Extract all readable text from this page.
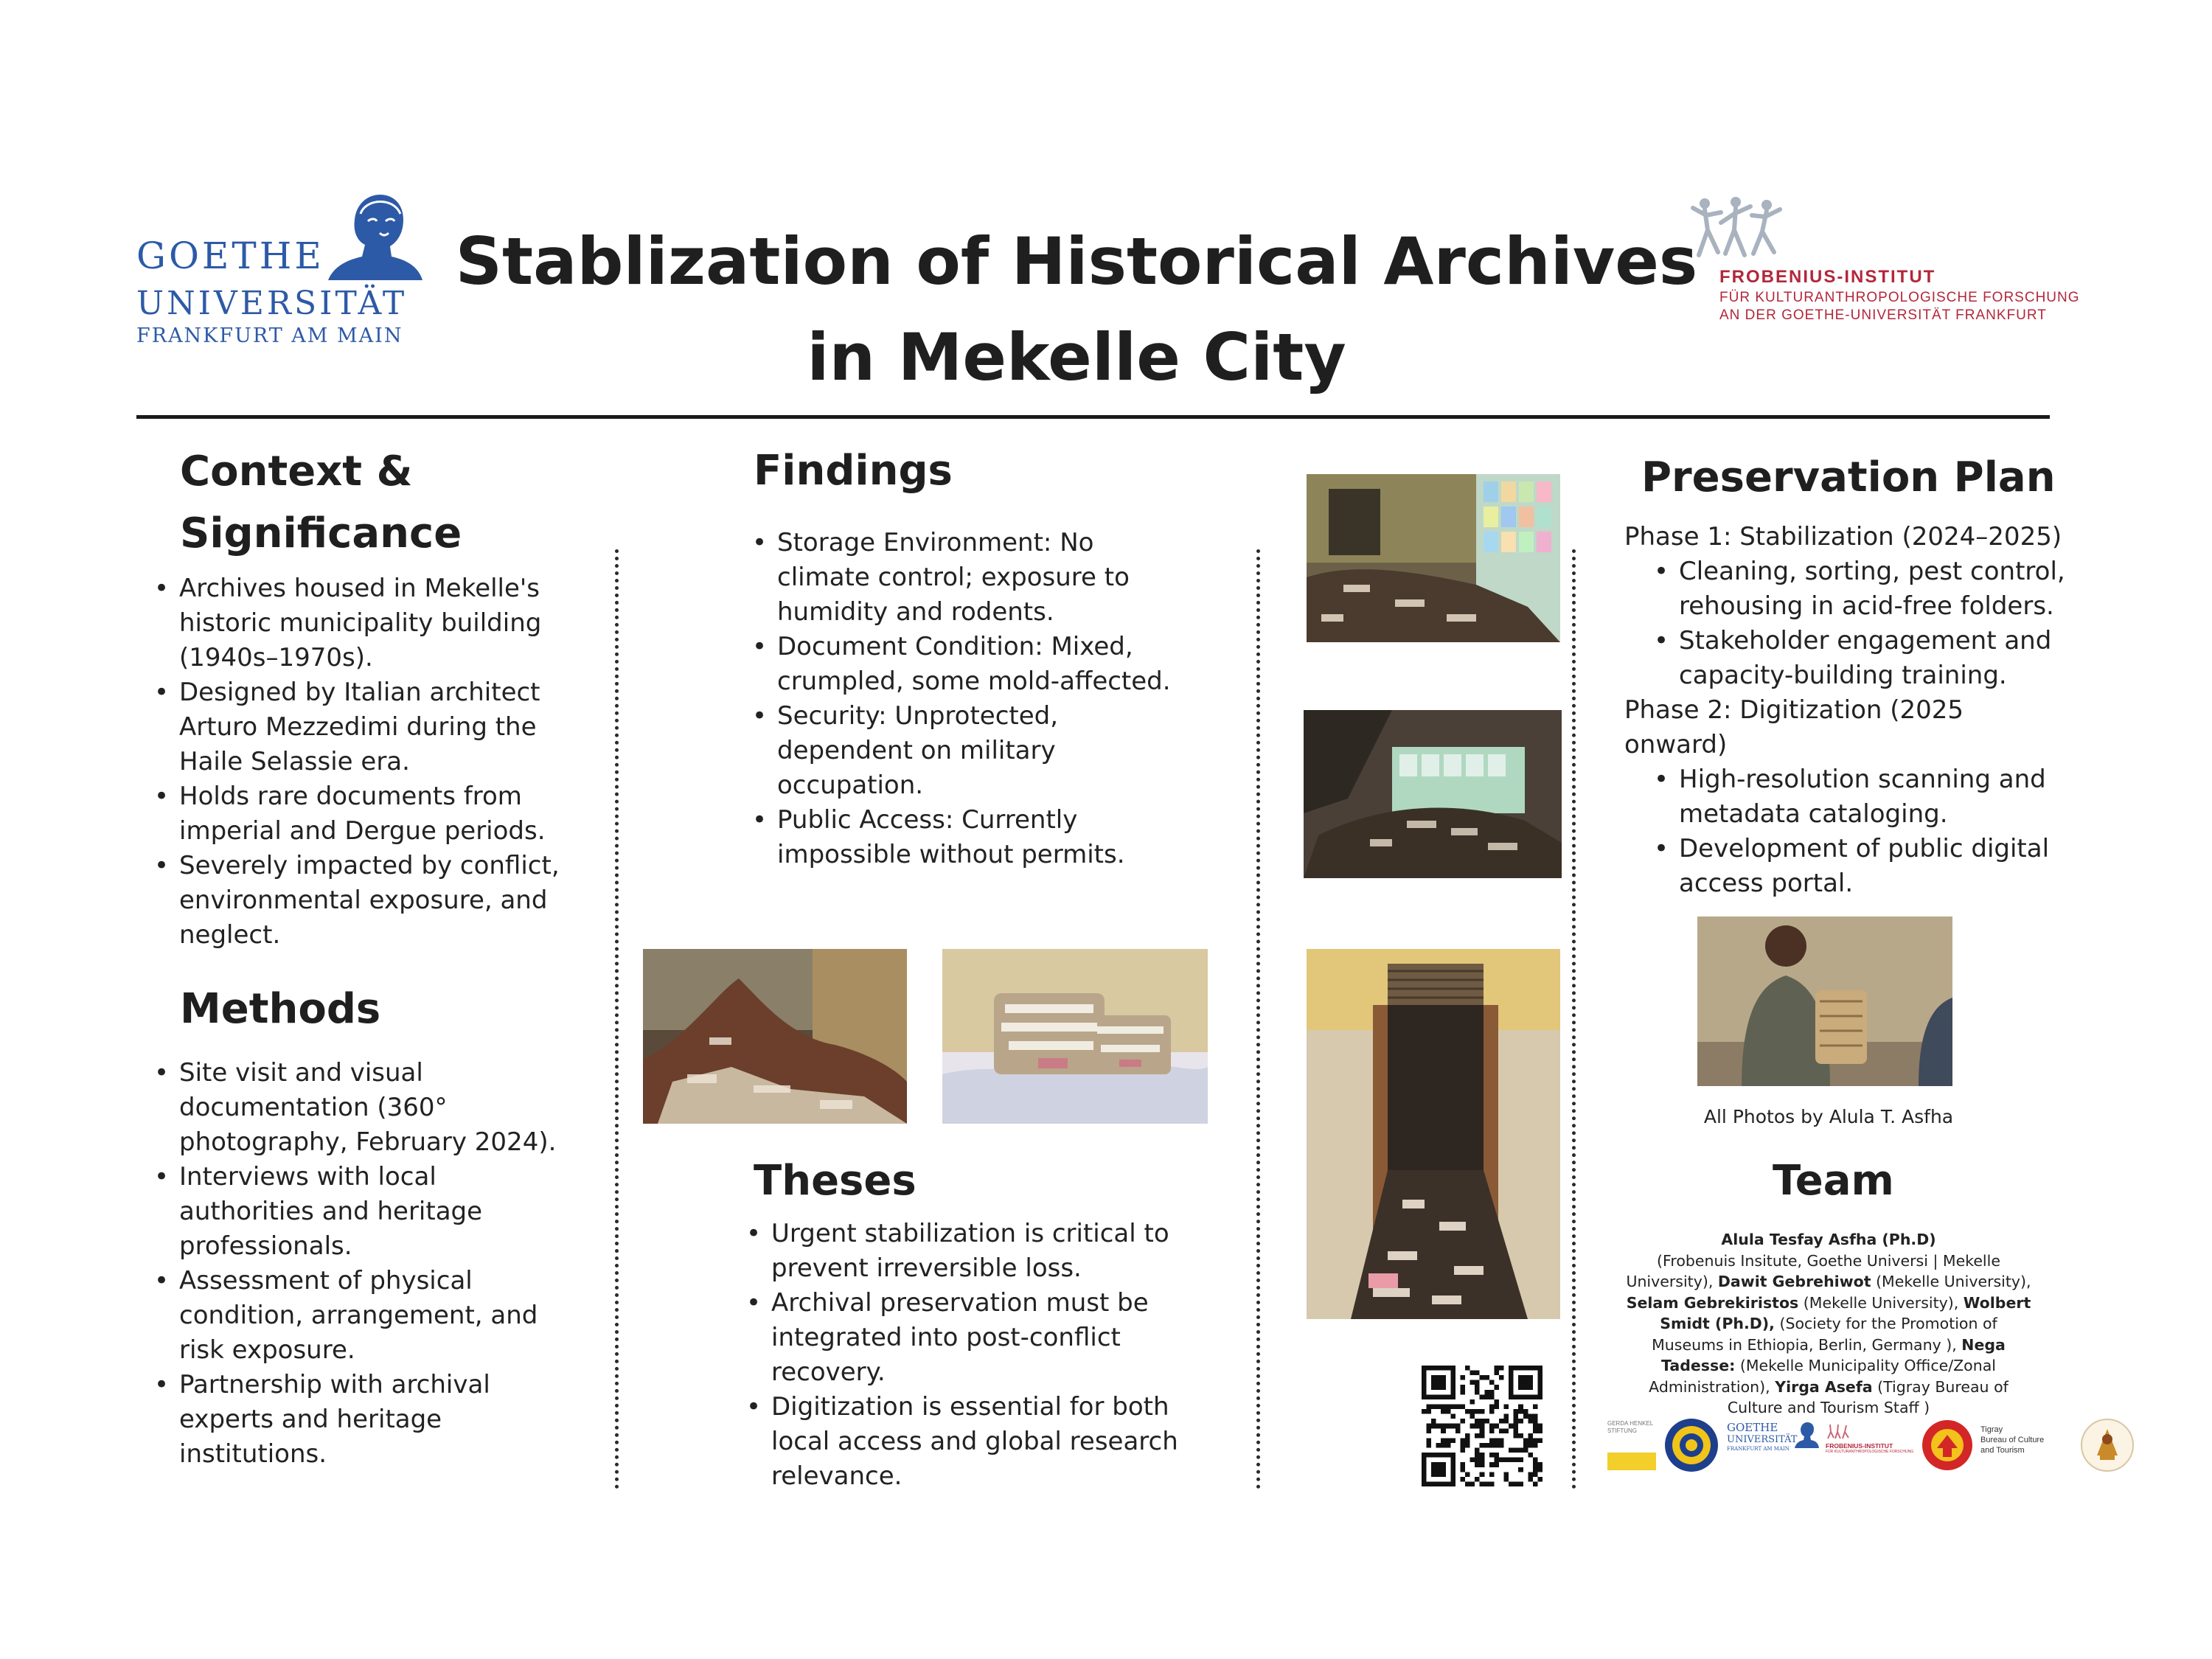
GOETHE
UNIVERSITÄT
FRANKFURT AM MAIN
Stablization of Historical Archives in Mekelle City
FROBENIUS-INSTITUT
FÜR KULTURANTHROPOLOGISCHE FORSCHUNG
AN DER GOETHE-UNIVERSITÄT FRANKFURT
Context &
Significance
• Archives housed in Mekelle's historic municipality building (1940s–1970s).
• Designed by Italian architect Arturo Mezzedimi during the Haile Selassie era.
• Holds rare documents from imperial and Dergue periods.
• Severely impacted by conflict, environmental exposure, and neglect.
Methods
• Site visit and visual documentation (360° photography, February 2024).
• Interviews with local authorities and heritage professionals.
• Assessment of physical condition, arrangement, and risk exposure.
• Partnership with archival experts and heritage institutions.
Findings
• Storage Environment: No climate control; exposure to humidity and rodents.
• Document Condition: Mixed, crumpled, some mold-affected.
• Security: Unprotected, dependent on military occupation.
• Public Access: Currently impossible without permits.
Theses
• Urgent stabilization is critical to prevent irreversible loss.
• Archival preservation must be integrated into post-conflict recovery.
• Digitization is essential for both local access and global research relevance.
Preservation Plan
Phase 1: Stabilization (2024–2025)
• Cleaning, sorting, pest control, rehousing in acid-free folders.
• Stakeholder engagement and capacity-building training.
Phase 2: Digitization (2025 onward)
• High-resolution scanning and metadata cataloging.
• Development of public digital access portal.
All Photos by Alula T. Asfha
Team
Alula Tesfay Asfha (Ph.D)
(Frobenuis Insitute, Goethe Universi | Mekelle University), Dawit Gebrehiwot (Mekelle University),
Selam Gebrekiristos (Mekelle University), Wolbert Smidt (Ph.D), (Society for the Promotion of Museums in Ethiopia, Berlin, Germany ), Nega Tadesse: (Mekelle Municipality Office/Zonal Administration), Yirga Asefa (Tigray Bureau of Culture and Tourism Staff )
GERDA HENKEL STIFTUNG	GOETHE
UNIVERSITÄT
FRANKFURT AM MAIN	FROBENIUS-INSTITUT
FÜR KULTURANTHROPOLOGISCHE FORSCHUNG
Tigray
Bureau of Culture
and Tourism
